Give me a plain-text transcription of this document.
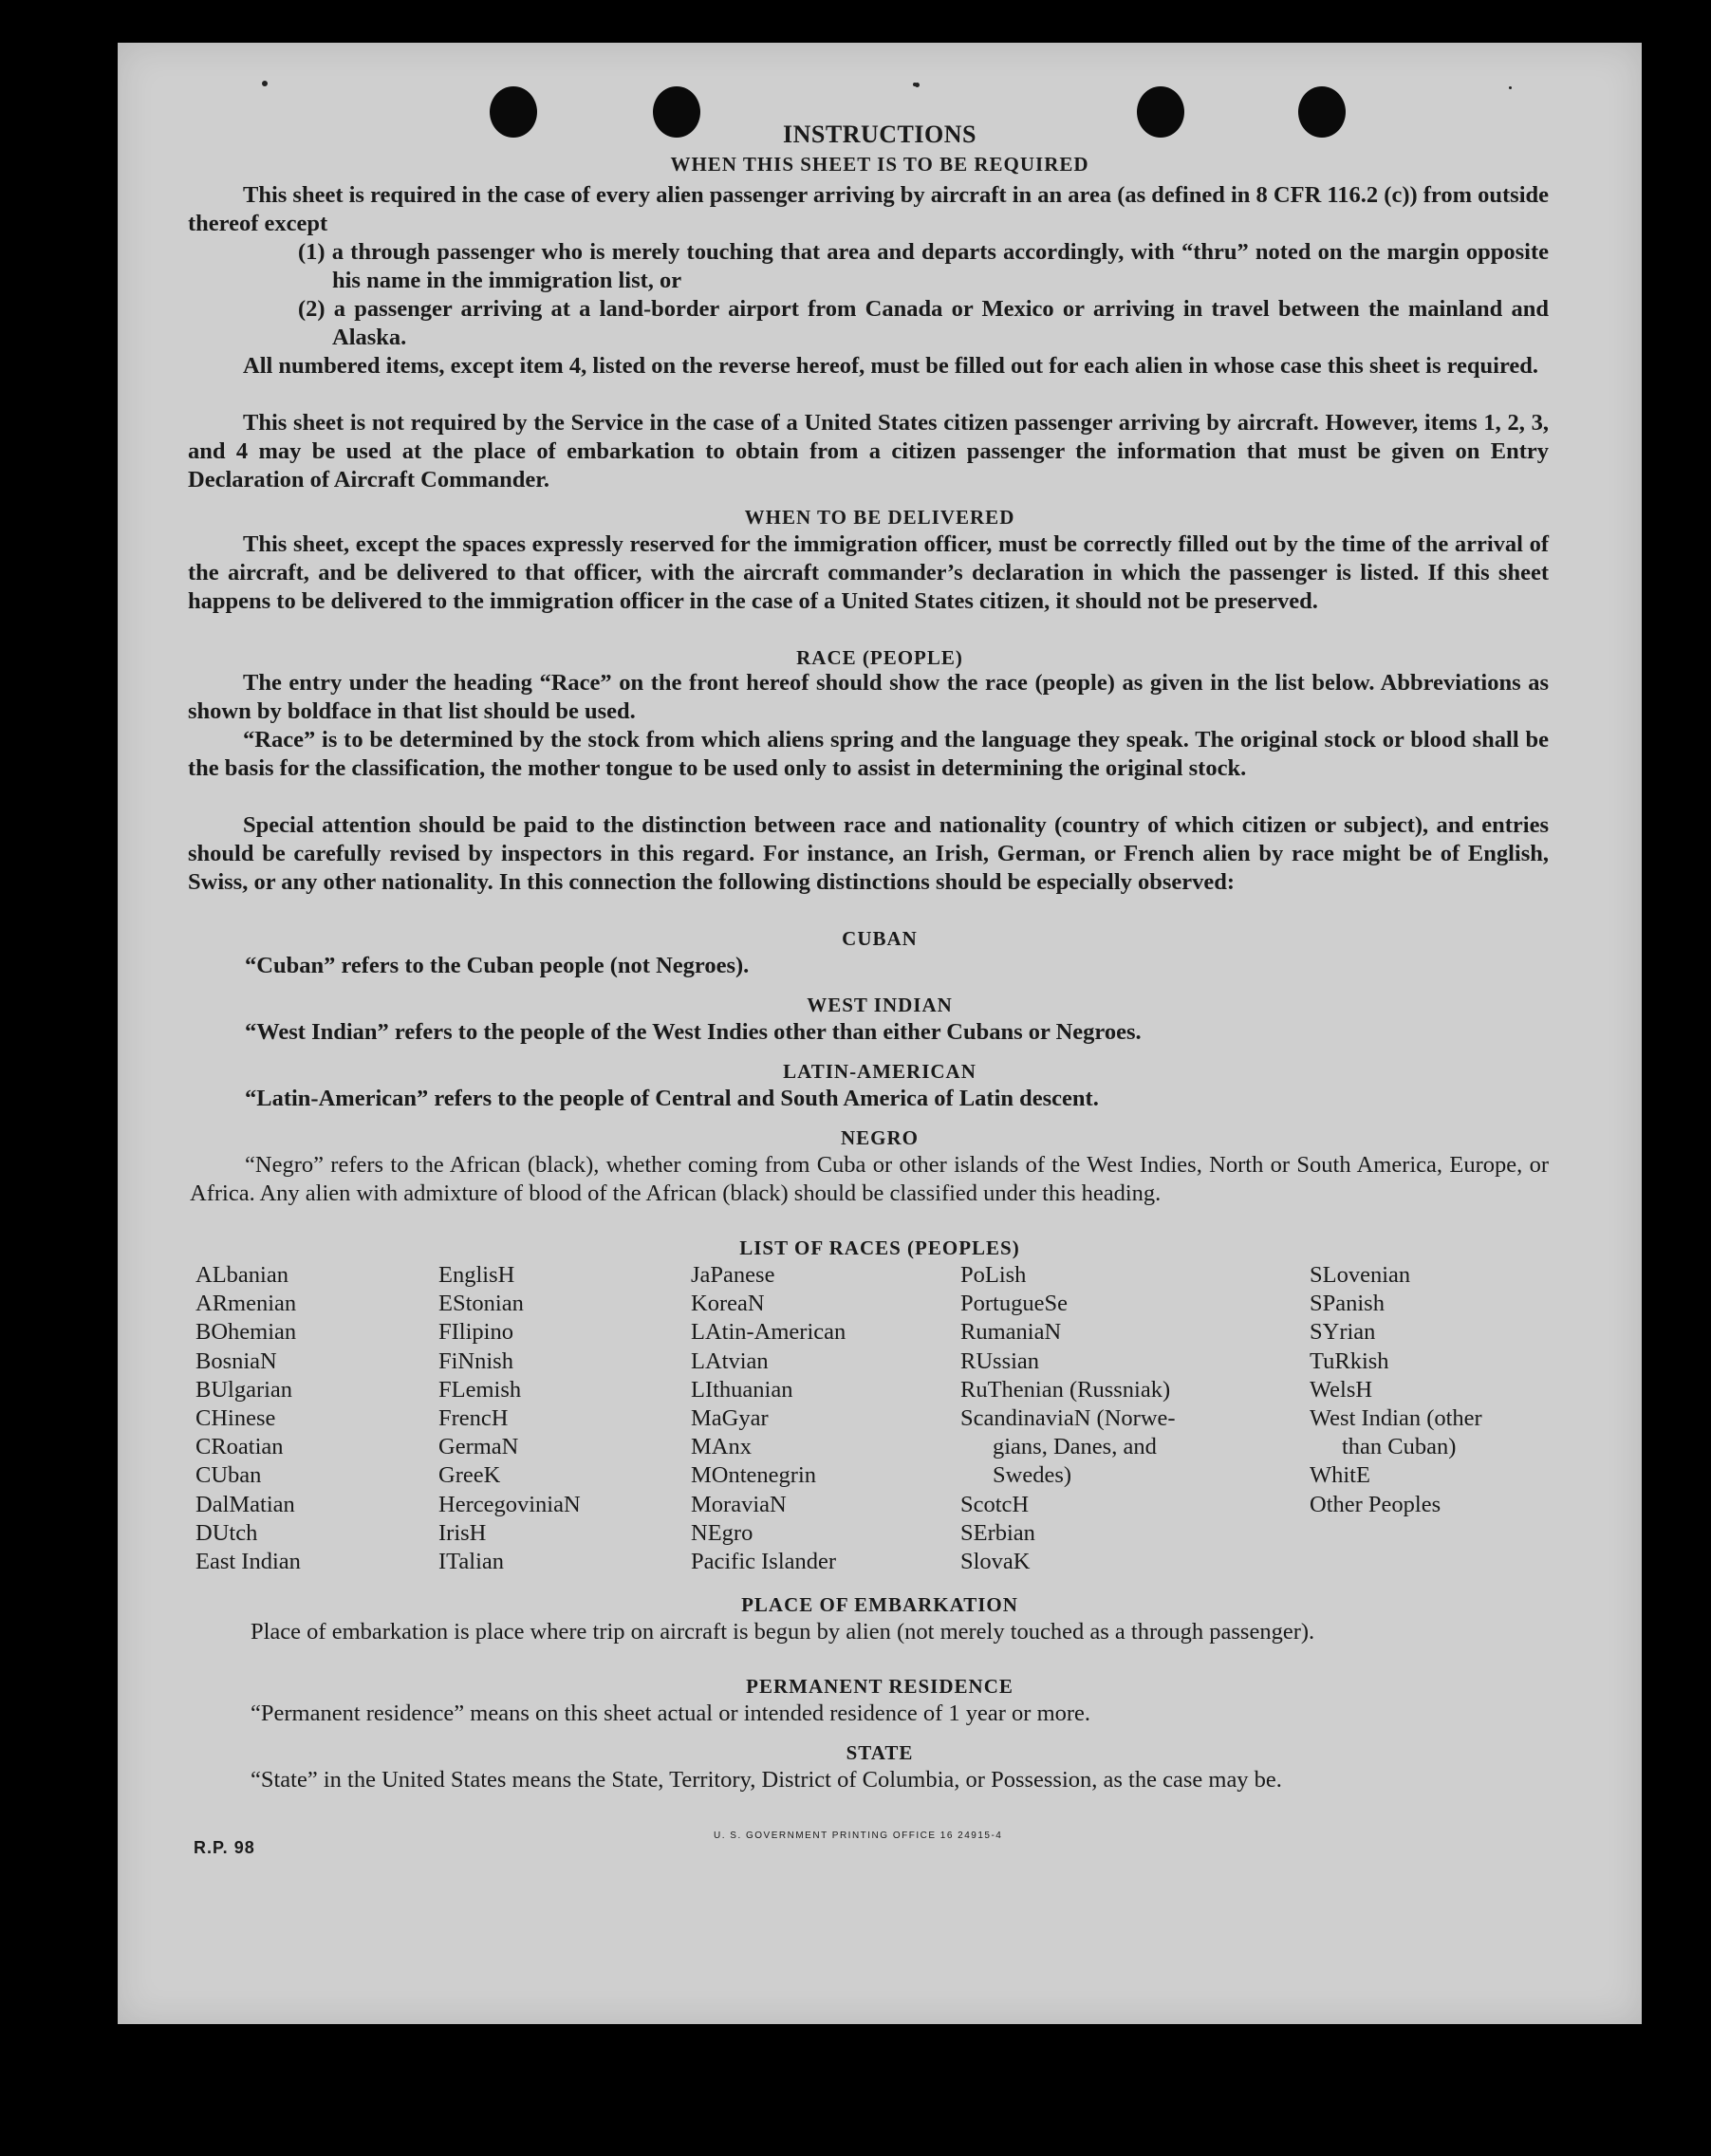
INSTRUCTIONS
WHEN THIS SHEET IS TO BE REQUIRED
This sheet is required in the case of every alien passenger arriving by aircraft in an area (as defined in 8 CFR 116.2 (c)) from outside thereof except
(1) a through passenger who is merely touching that area and departs accordingly, with “thru” noted on the margin opposite his name in the immigration list, or
(2) a passenger arriving at a land-border airport from Canada or Mexico or arriving in travel between the mainland and Alaska.
All numbered items, except item 4, listed on the reverse hereof, must be filled out for each alien in whose case this sheet is required.
This sheet is not required by the Service in the case of a United States citizen passenger arriving by aircraft. However, items 1, 2, 3, and 4 may be used at the place of embarkation to obtain from a citizen passenger the information that must be given on Entry Declaration of Aircraft Commander.
WHEN TO BE DELIVERED
This sheet, except the spaces expressly reserved for the immigration officer, must be correctly filled out by the time of the arrival of the aircraft, and be delivered to that officer, with the aircraft commander’s declaration in which the passenger is listed. If this sheet happens to be delivered to the immigration officer in the case of a United States citizen, it should not be preserved.
RACE (PEOPLE)
The entry under the heading “Race” on the front hereof should show the race (people) as given in the list below. Abbreviations as shown by boldface in that list should be used.
“Race” is to be determined by the stock from which aliens spring and the language they speak. The original stock or blood shall be the basis for the classification, the mother tongue to be used only to assist in determining the original stock.
Special attention should be paid to the distinction between race and nationality (country of which citizen or subject), and entries should be carefully revised by inspectors in this regard. For instance, an Irish, German, or French alien by race might be of English, Swiss, or any other nationality. In this connection the following distinctions should be especially observed:
CUBAN
“Cuban” refers to the Cuban people (not Negroes).
WEST INDIAN
“West Indian” refers to the people of the West Indies other than either Cubans or Negroes.
LATIN-AMERICAN
“Latin-American” refers to the people of Central and South America of Latin descent.
NEGRO
“Negro” refers to the African (black), whether coming from Cuba or other islands of the West Indies, North or South America, Europe, or Africa. Any alien with admixture of blood of the African (black) should be classified under this heading.
LIST OF RACES (PEOPLES)
ALbanian
ARmenian
BOhemian
BosniaN
BUlgarian
CHinese
CRoatian
CUban
DalMatian
DUtch
East Indian
EnglisH
EStonian
FIlipino
FiNnish
FLemish
FrencH
GermaN
GreeK
HercegoviniaN
IrisH
ITalian
JaPanese
KoreaN
LAtin-American
LAtvian
LIthuanian
MaGyar
MAnx
MOntenegrin
MoraviaN
NEgro
Pacific Islander
PoLish
PortugueSe
RumaniaN
RUssian
RuThenian (Russniak)
ScandinaviaN (Norwe-
gians, Danes, and
Swedes)
ScotcH
SErbian
SlovaK
SLovenian
SPanish
SYrian
TuRkish
WelsH
West Indian (other
than Cuban)
WhitE
Other Peoples
PLACE OF EMBARKATION
Place of embarkation is place where trip on aircraft is begun by alien (not merely touched as a through passenger).
PERMANENT RESIDENCE
“Permanent residence” means on this sheet actual or intended residence of 1 year or more.
STATE
“State” in the United States means the State, Territory, District of Columbia, or Possession, as the case may be.
R.P. 98
U. S. GOVERNMENT PRINTING OFFICE 16 24915-4
